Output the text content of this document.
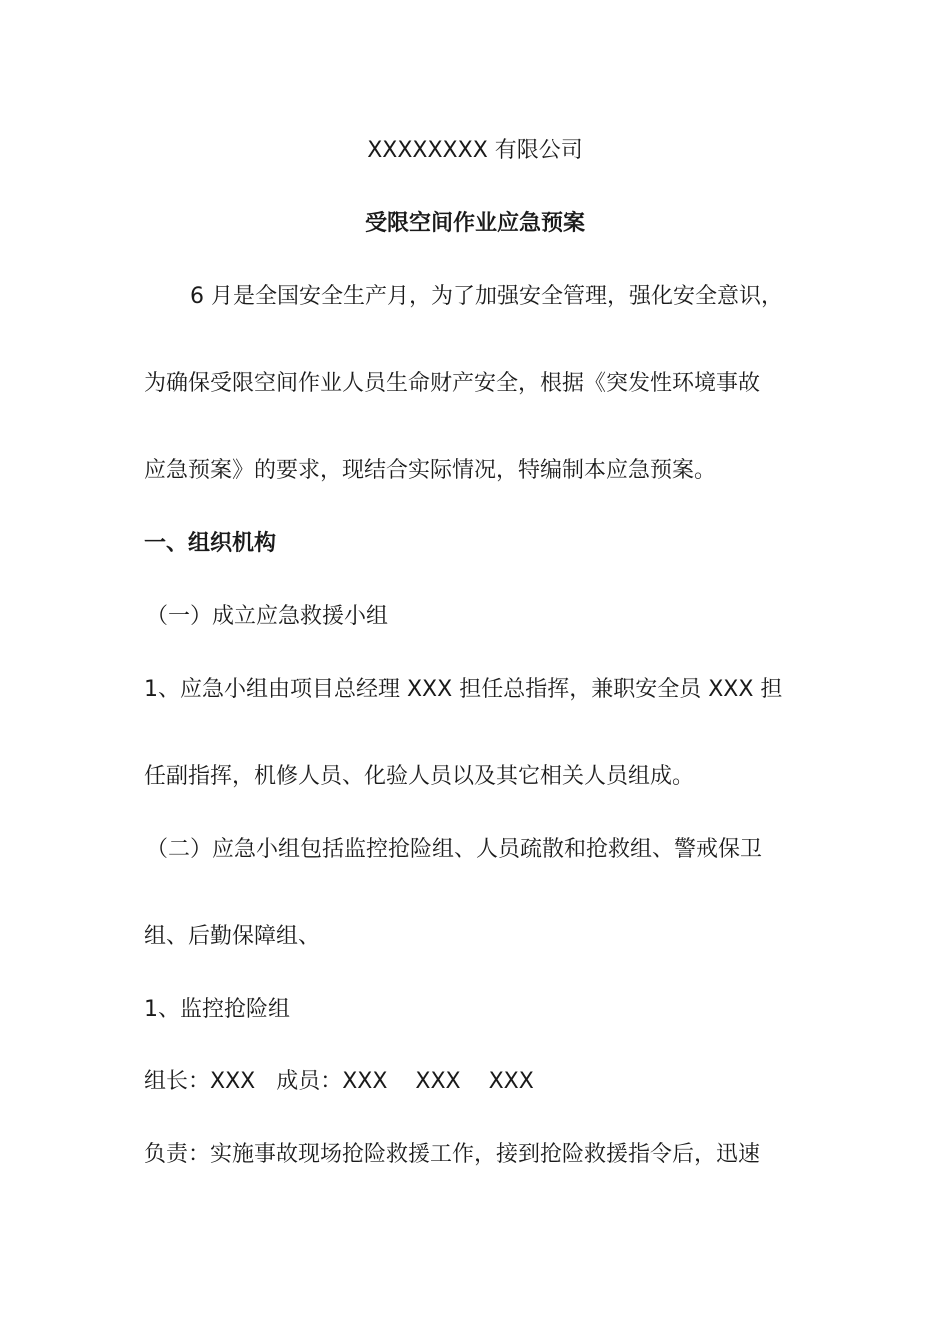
XXXXXXXX 有限公司
受限空间作业应急预案
6 月是全国安全生产月，为了加强安全管理，强化安全意识，
为确保受限空间作业人员生命财产安全，根据《突发性环境事故
应急预案》的要求，现结合实际情况，特编制本应急预案。
一、组织机构
（一）成立应急救援小组
1、应急小组由项目总经理 XXX 担任总指挥，兼职安全员 XXX 担
任副指挥，机修人员、化验人员以及其它相关人员组成。
（二）应急小组包括监控抢险组、人员疏散和抢救组、警戒保卫
组、后勤保障组、
1、监控抢险组
组长：XXX   成员：XXX    XXX    XXX
负责：实施事故现场抢险救援工作，接到抢险救援指令后，迅速
